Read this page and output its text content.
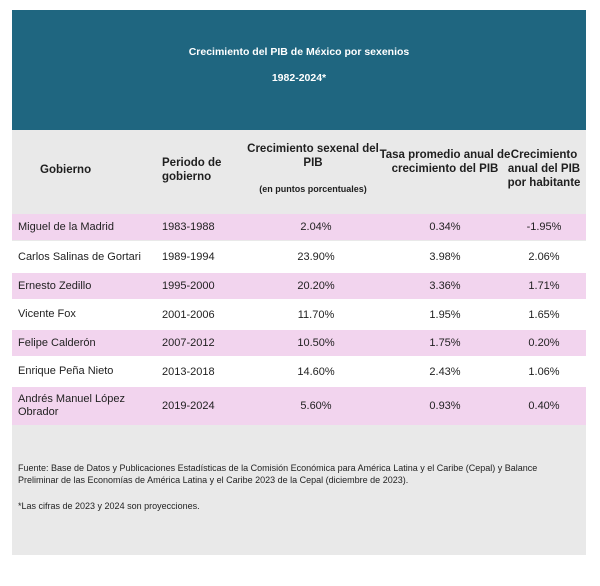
Crecimiento del PIB de México por sexenios
1982-2024*
Gobierno
Periodo de gobierno
Crecimiento sexenal del PIB
(en puntos porcentuales)
Tasa promedio anual de crecimiento del PIB
Crecimiento anual del PIB por habitante
Miguel de la Madrid	1983-1988	2.04%	0.34%	-1.95%
Carlos Salinas de Gortari	1989-1994	23.90%	3.98%	2.06%
Ernesto Zedillo	1995-2000	20.20%	3.36%	1.71%
Vicente Fox	2001-2006	11.70%	1.95%	1.65%
Felipe Calderón	2007-2012	10.50%	1.75%	0.20%
Enrique Peña Nieto	2013-2018	14.60%	2.43%	1.06%
Andrés Manuel López Obrador	2019-2024	5.60%	0.93%	0.40%
Fuente: Base de Datos y Publicaciones Estadísticas de la Comisión Económica para América Latina y el Caribe (Cepal) y Balance Preliminar de las Economías de América Latina y el Caribe 2023 de la Cepal (diciembre de 2023).
*Las cifras de 2023 y 2024 son proyecciones.
